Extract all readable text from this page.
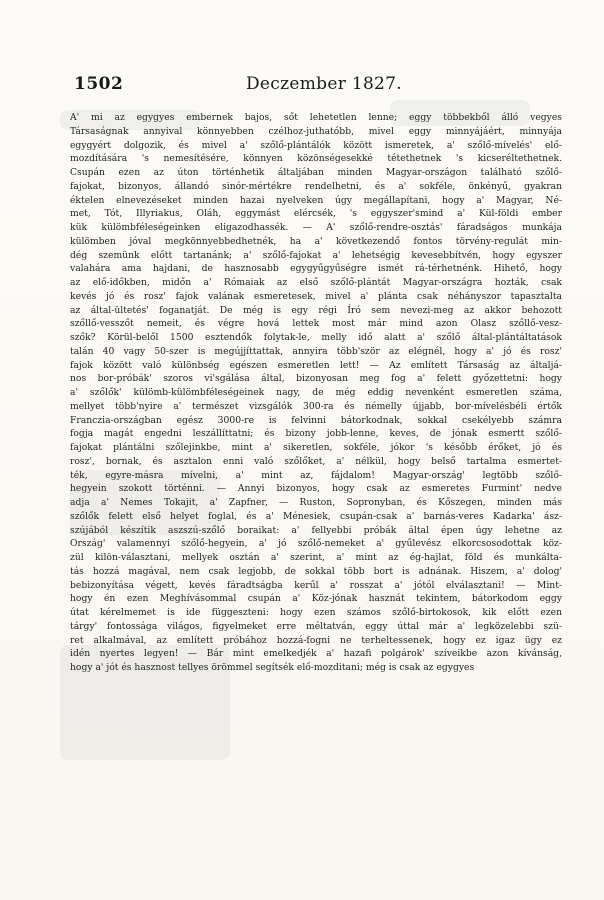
1502	Deczember 1827.
A' mi az egygyes embernek bajos, sőt lehetetlen lenne; eggy többekből álló vegyes
Társaságnak annyival könnyebben czélhoz-juthatóbb, mivel eggy minnyájáért, minnyája
egygyért dolgozik, és mivel a' szőlő-plántálók között ismeretek, a' szőlő-mívelés' elő-
mozdítására 's nemesítésére, könnyen közönségesekké tétethetnek 's kicseréltethetnek.
Csupán ezen az úton történhetik általjában minden Magyar-országon található szőlő-
fajokat, bizonyos, állandó sinór-mértékre rendelhetni, és a' sokféle, önkényű, gyakran
éktelen elnevezéseket minden hazai nyelveken úgy megállapítani, hogy a' Magyar, Né-
met, Tót, Illyriakus, Oláh, eggymást elércsék, 's eggyszer'smind a' Kül-földi ember
kük külömbféleségeinken eligazodhassék. — A' szőlő-rendre-osztás' fáradságos munkája
külömben jóval megkönnyebbedhetnék, ha a' következendő fontos törvény-regulát min-
dég szemünk előtt tartanánk; a' szőlő-fajokat a' lehetségig kevesebbítvén, hogy egyszer
valahára ama hajdani, de hasznosabb egygyűgyűségre ismét rá-térhetnénk. Hihető, hogy
az elő-időkben, midőn a' Rómaiak az első szőlő-plántát Magyar-országra hozták, csak
kevés jó és rosz' fajok valának esmeretesek, mivel a' plánta csak néhányszor tapasztalta
az által-ültetés' foganatját. De még is egy régi Író sem nevezi-meg az akkor behozott
szőllő-vesszőt nemeit, és végre hová lettek most már mind azon Olasz szőllő-vesz-
szők? Körül-belől 1500 esztendők folytak-le, melly idő alatt a' szőlő által-plántáltatások
talán 40 vagy 50-szer is megújjíttattak, annyira több'ször az elégnél, hogy a' jó és rosz'
fajok között való különbség egészen esmeretlen lett! — Az említett Társaság az általjá-
nos bor-próbák' szoros vi'sgálása által, bizonyosan meg fog a' felett győzettetni: hogy
a' szőlők' külömb-külömbféleségeinek nagy, de még eddig nevenként esmeretlen száma,
mellyet több'nyire a' természet vizsgálók 300-ra és némelly újjabb, bor-mívelésbéli értők
Franczia-országban egész 3000-re is felvinni bátorkodnak, sokkal csekélyebb számra
fogja magát engedni leszállíttatni; és bizony jobb-lenne, keves, de jónak esmertt szőlő-
fajokat plántálni szőlejinkbe, mint a' sikeretlen, sokféle, jókor 's később érőket, jó és
rosz', bornak, és asztalon enni való szőlőket, a' nélkül, hogy belső tartalma esmertet-
ték, egyre-másra mívelni, a' mint az, fájdalom! Magyar-ország' legtöbb szőlő-
hegyein szokott történni. — Annyi bizonyos, hogy csak az esmeretes Furmint' nedve
adja a' Nemes Tokajit, a' Zapfner, — Ruston, Sopronyban, és Kőszegen, minden más
szőlők felett első helyet foglal, és a' Ménesiek, csupán-csak a' barnás-veres Kadarka' ász-
szújából készítik aszszú-szőlő boraikat: a' fellyebbi próbák által épen úgy lehetne az
Ország' valamennyi szőlő-hegyein, a' jó szőlő-nemeket a' gyűlevész elkorcsosodottak köz-
zül kilön-választani, mellyek osztán a' szerint, a' mint az ég-hajlat, föld és munkálta-
tás hozzá magával, nem csak legjobb, de sokkal több bort is adnának. Hiszem, a' dolog'
bebizonyítása végett, kevés fáradtságba kerűl a' rosszat a' jótól elválasztani! — Mint-
hogy én ezen Meghívásommal csupán a' Köz-jónak hasznát tekintem, bátorkodom eggy
útat kérelmemet is ide függeszteni: hogy ezen számos szőlő-birtokosok, kik előtt ezen
tárgy' fontossága világos, figyelmeket erre méltatván, eggy úttal már a' legközelebbi szü-
ret alkalmával, az említett próbához hozzá-fogni ne terheltessenek, hogy ez igaz ügy ez
idén nyertes legyen! — Bár mint emelkedjék a' hazafi polgárok' szíveikbe azon kívánság,
hogy a' jót és hasznost tellyes örömmel segítsék elő-mozditani; még is csak az egygyes
